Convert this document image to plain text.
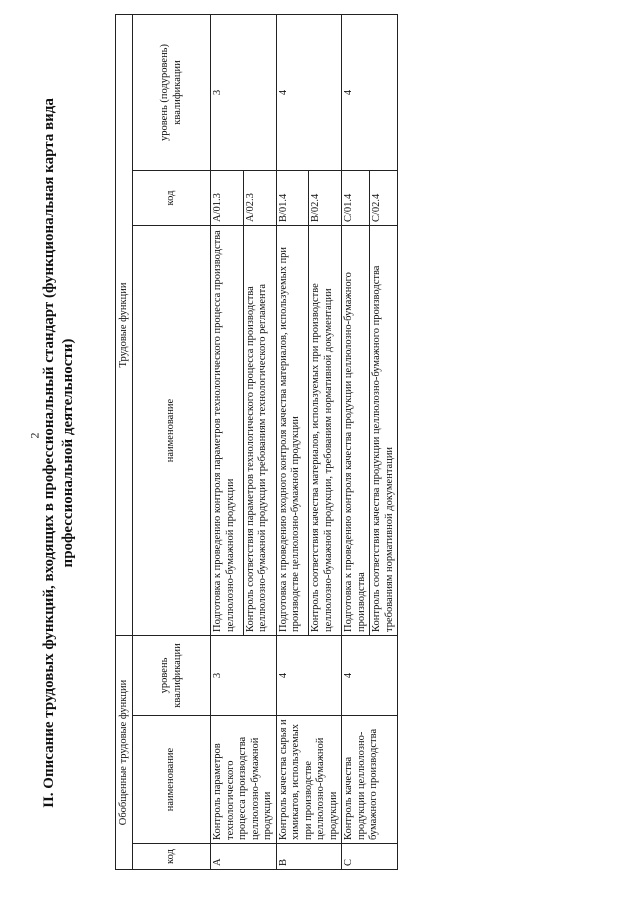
2 II. Описание трудовых функций, входящих в профессиональный стандарт (функциональная карта вида профессиональной деятельности)
Обобщенные трудовые функции			Трудовые функции		
код	наименование	уровень квалификации	наименование	код	уровень (подуровень) квалификации
A	Контроль параметров технологического процесса производства целлюлозно-бумажной продукции	3	Подготовка к проведению контроля параметров технологического процесса производства целлюлозно-бумажной продукции	A/01.3	3
			Контроль соответствия параметров технологического процесса производства целлюлозно-бумажной продукции требованиям технологического регламента	A/02.3	
B	Контроль качества сырья и химикатов, используемых при производстве целлюлозно-бумажной продукции	4	Подготовка к проведению входного контроля качества материалов, используемых при производстве целлюлозно-бумажной продукции	B/01.4	4
			Контроль соответствия качества материалов, используемых при производстве целлюлозно-бумажной продукции, требованиям нормативной документации	B/02.4	
C	Контроль качества продукции целлюлозно-бумажного производства	4	Подготовка к проведению контроля качества продукции целлюлозно-бумажного производства	C/01.4	4
			Контроль соответствия качества продукции целлюлозно-бумажного производства требованиям нормативной документации	C/02.4	
